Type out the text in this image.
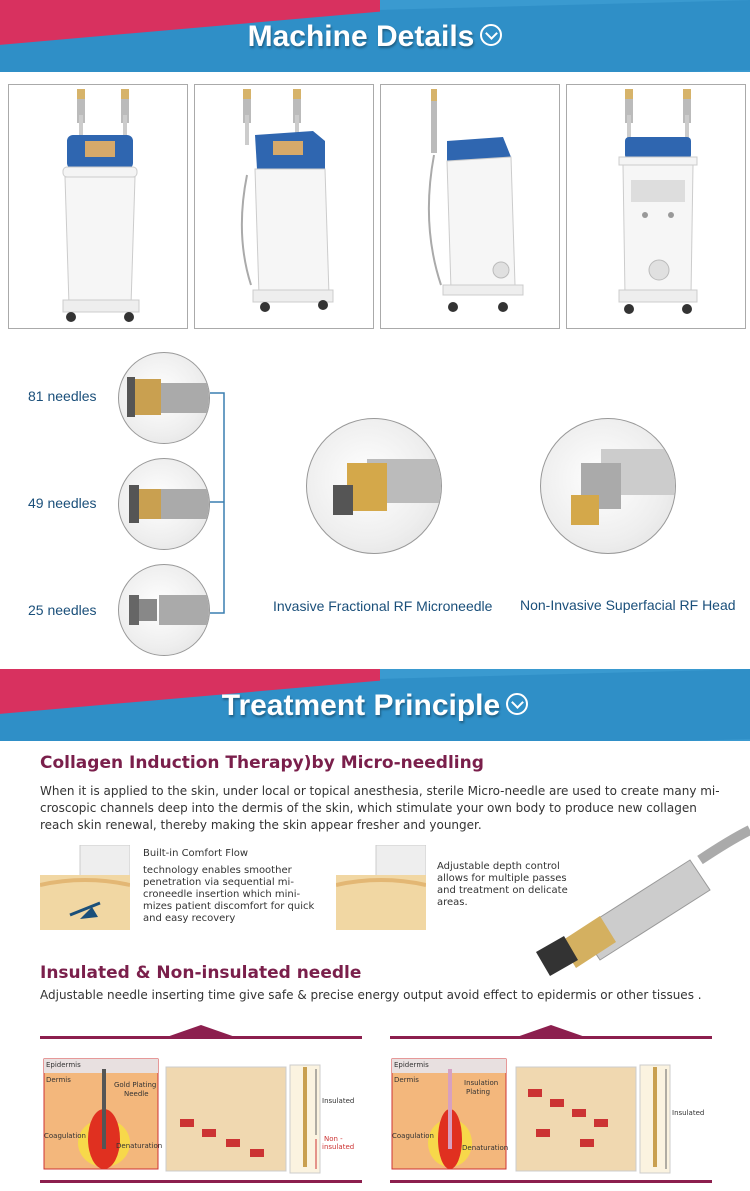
Machine Details
81 needles
49 needles
25 needles	Invasive Fractional RF Microneedle Non-Invasive Superfacial RF Head
Treatment Principle
Collagen Induction Therapy)by Micro-needling
When it is applied to the skin, under local or topical anesthesia, sterile Micro-needle are used to create many mi-
croscopic channels deep into the dermis of the skin, which stimulate your own body to produce new collagen
reach skin renewal, thereby making the skin appear fresher and younger.
Built-in Comfort Flow
technology enables smoother
penetration via sequential mi-
croneedle insertion which mini-
mizes patient discomfort for quick
and easy recovery
Adjustable depth control
allows for multiple passes
and treatment on delicate
areas.
Insulated & Non-insulated needle
Adjustable needle inserting time give safe & precise energy output avoid effect to epidermis or other tissues .
Epidermis
Dermis
Gold Plating
Needle
Coagulation
Denaturation
Insulated
Non -
insulated
Epidermis
Dermis	Insulation
Plating
Coagulation
Denaturation
Insulated
